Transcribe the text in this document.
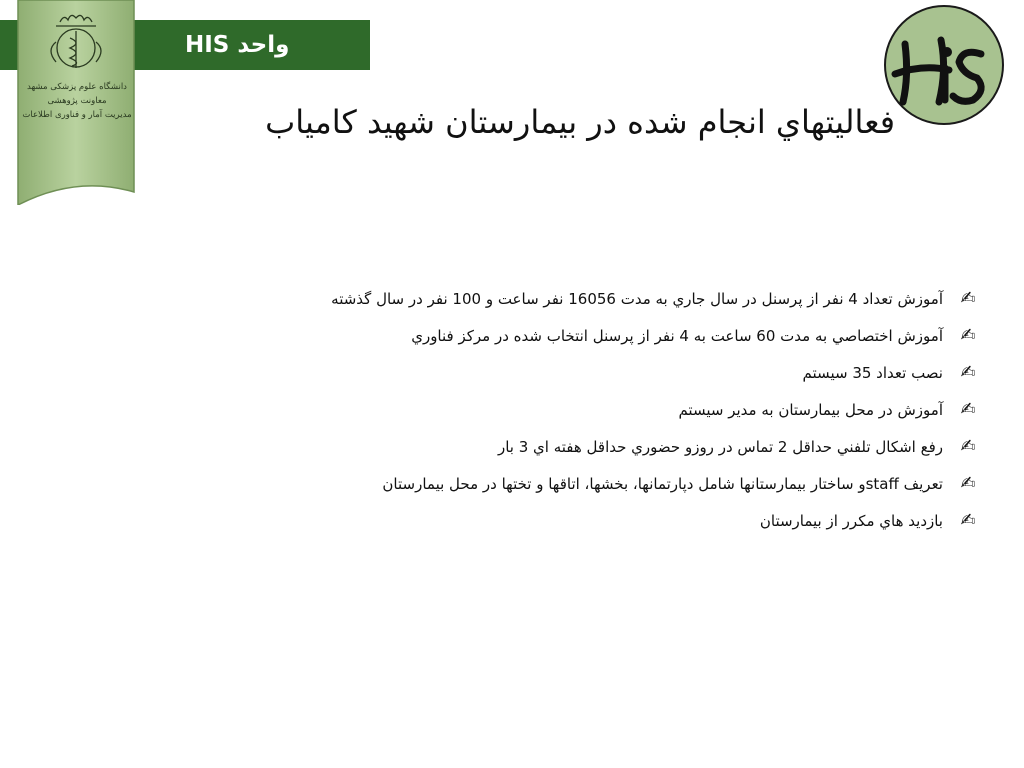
واحد HIS
دانشگاه علوم پزشکی مشهد
معاونت پژوهشی
مدیریت آمار و فناوری اطلاعات	فعاليتهاي انجام شده در بيمارستان شهيد كامياب
✍
آموزش تعداد 4 نفر از پرسنل در سال جاري به مدت 16056 نفر ساعت و 100 نفر در سال گذشته
✍
آموزش اختصاصي به مدت 60 ساعت به 4 نفر از پرسنل انتخاب شده در مركز فناوري
✍
نصب تعداد 35 سيستم
✍
آموزش در محل بيمارستان به مدير سيستم
✍
رفع اشكال تلفني حداقل 2 تماس در روزو حضوري حداقل هفته اي 3 بار
✍
تعریف staffو ساختار بیمارستانها شامل دپارتمانها، بخشها، اتاقها و تختها در محل بیمارستان
✍
بازديد هاي مكرر از بيمارستان
